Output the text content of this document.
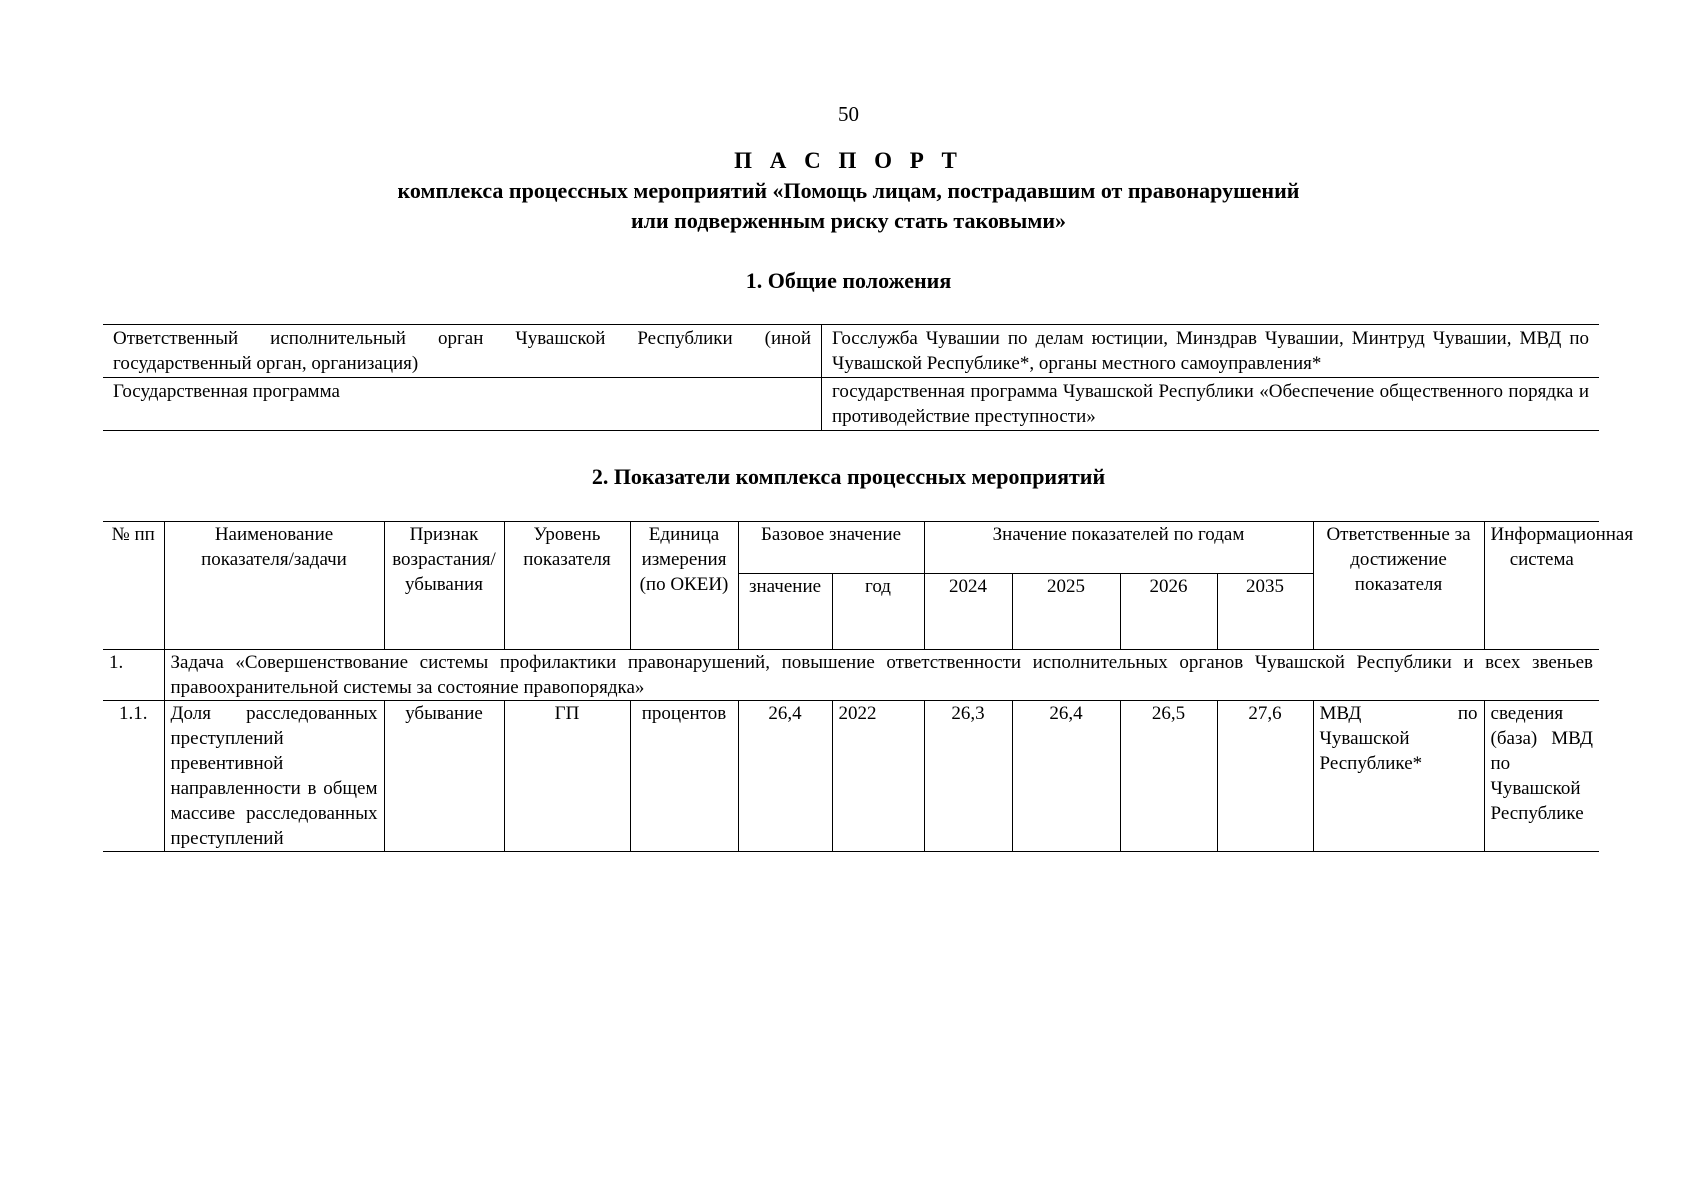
50
П А С П О Р Т
комплекса процессных мероприятий «Помощь лицам, пострадавшим от правонарушений
или подверженным риску стать таковыми»
1. Общие положения
Ответственный исполнительный орган Чувашской Республики (иной государственный орган, организация)	Госслужба Чувашии по делам юстиции, Минздрав Чувашии, Минтруд Чувашии, МВД по Чувашской Республике*, органы местного самоуправления*
Государственная программа	государственная программа Чувашской Республики «Обеспечение общественного порядка и противодействие преступности»
2. Показатели комплекса процессных мероприятий
№ пп	Наименование показателя/задачи	Признак возрастания/убывания	Уровень показателя	Единица измерения (по ОКЕИ)	Базовое значение		Значение показателей по годам				Ответственные за достижение показателя	Информационная система
					значение	год	2024	2025	2026	2035		
1.	Задача «Совершенствование системы профилактики правонарушений, повышение ответственности исполнительных органов Чувашской Республики и всех звеньев правоохранительной системы за состояние правопорядка»											
1.1.	Доля расследованных преступлений превентивной направленности в общем массиве расследованных преступлений	убывание	ГП	процентов	26,4	2022	26,3	26,4	26,5	27,6	МВД по Чувашской Республике*	сведения (база) МВД по Чувашской Республике
